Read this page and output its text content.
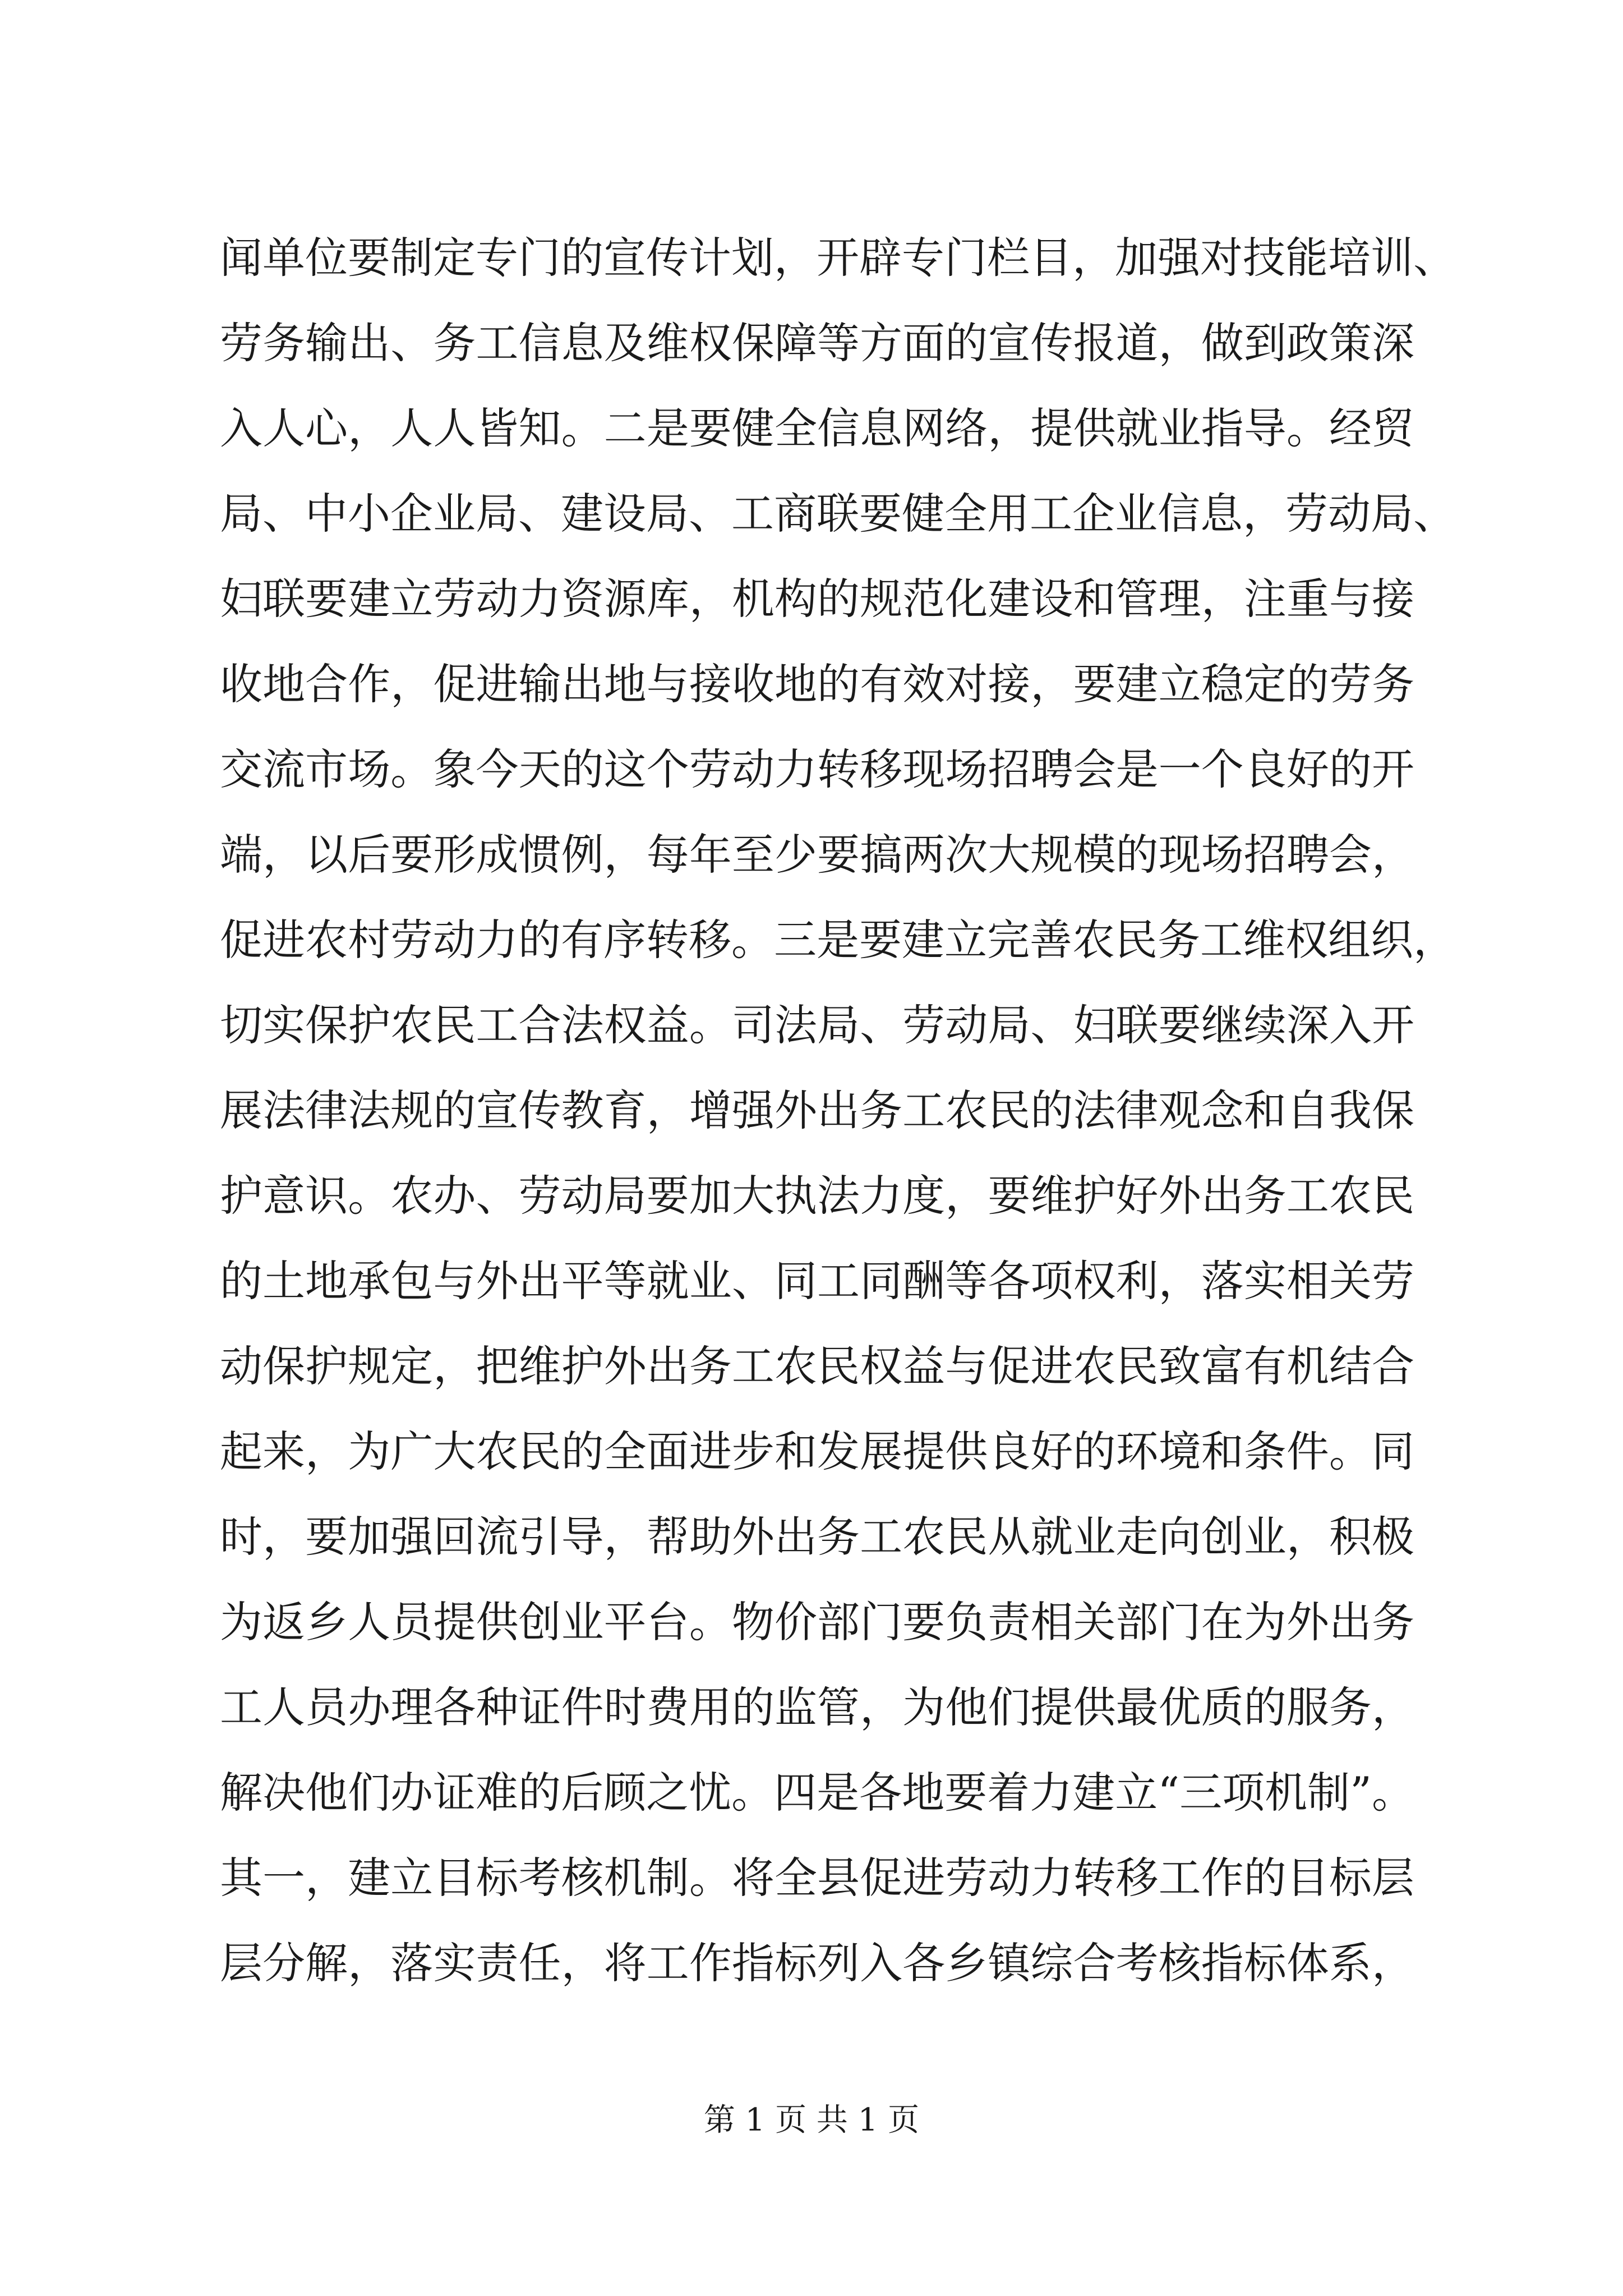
闻单位要制定专门的宣传计划，开辟专门栏目，加强对技能培训、
劳务输出、务工信息及维权保障等方面的宣传报道，做到政策深
入人心，人人皆知。二是要健全信息网络，提供就业指导。经贸
局、中小企业局、建设局、工商联要健全用工企业信息，劳动局、
妇联要建立劳动力资源库，机构的规范化建设和管理，注重与接
收地合作，促进输出地与接收地的有效对接，要建立稳定的劳务
交流市场。象今天的这个劳动力转移现场招聘会是一个良好的开
端，以后要形成惯例，每年至少要搞两次大规模的现场招聘会，
促进农村劳动力的有序转移。三是要建立完善农民务工维权组织，
切实保护农民工合法权益。司法局、劳动局、妇联要继续深入开
展法律法规的宣传教育，增强外出务工农民的法律观念和自我保
护意识。农办、劳动局要加大执法力度，要维护好外出务工农民
的土地承包与外出平等就业、同工同酬等各项权利，落实相关劳
动保护规定，把维护外出务工农民权益与促进农民致富有机结合
起来，为广大农民的全面进步和发展提供良好的环境和条件。同
时，要加强回流引导，帮助外出务工农民从就业走向创业，积极
为返乡人员提供创业平台。物价部门要负责相关部门在为外出务
工人员办理各种证件时费用的监管，为他们提供最优质的服务，
解决他们办证难的后顾之忧。四是各地要着力建立“三项机制”。
其一，建立目标考核机制。将全县促进劳动力转移工作的目标层
层分解，落实责任，将工作指标列入各乡镇综合考核指标体系，
第 1 页 共 1 页
